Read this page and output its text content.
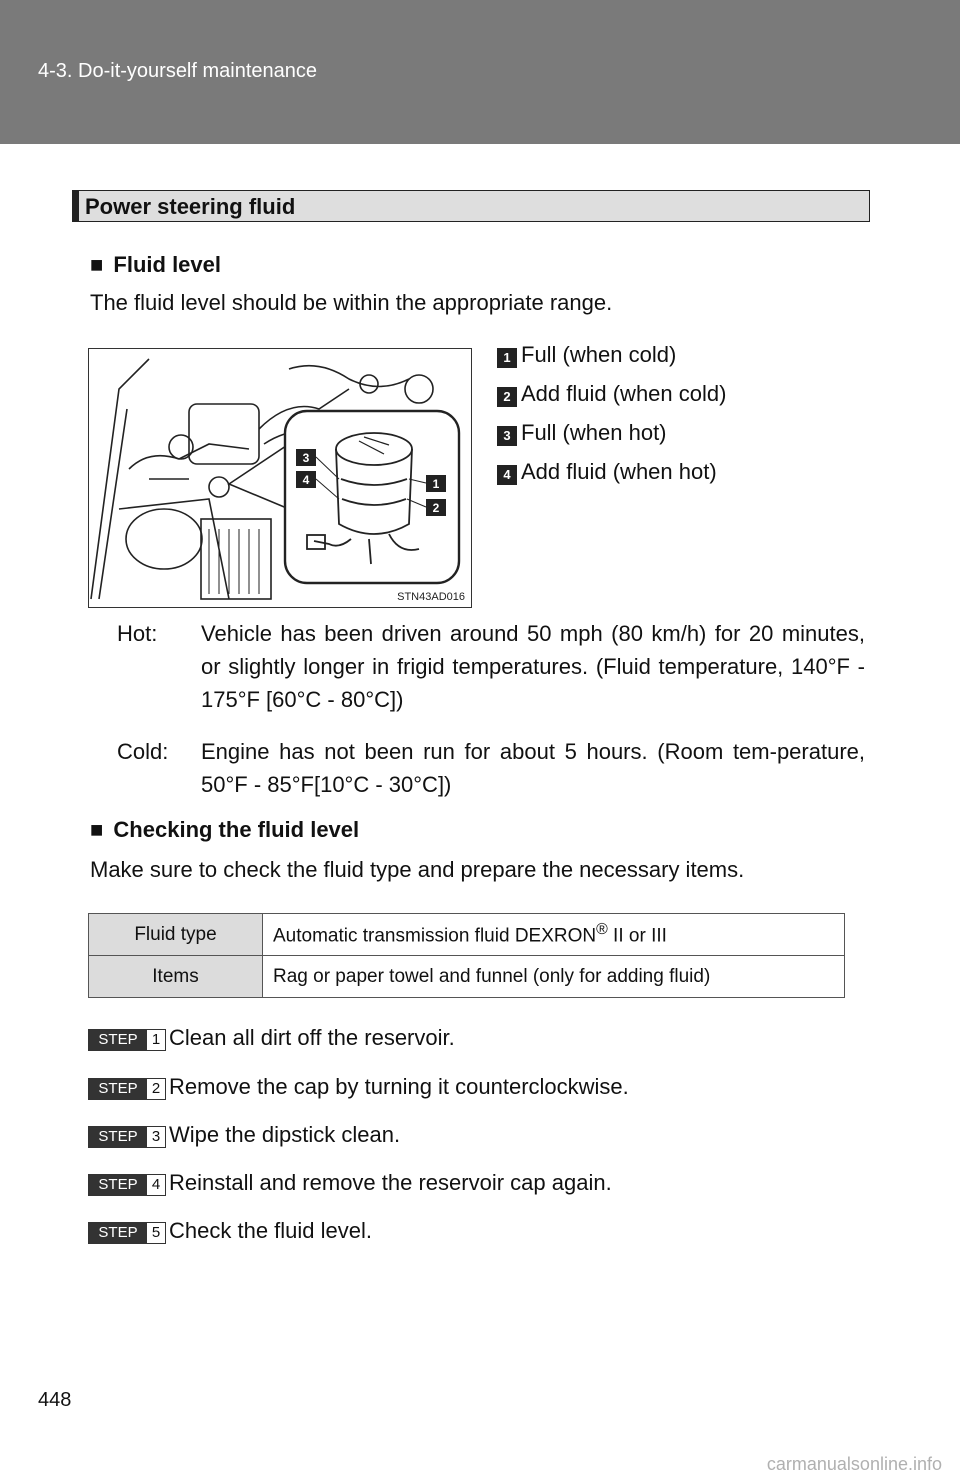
4-3. Do-it-yourself maintenance
Power steering fluid
■ Fluid level
The fluid level should be within the appropriate range.
3
4	1
2
STN43AD016
1 Full (when cold)
2 Add fluid (when cold)
3 Full (when hot)
4 Add fluid (when hot)
Hot: Vehicle has been driven around 50 mph (80 km/h) for 20 minutes, or slightly longer in frigid temperatures. (Fluid temperature, 140°F - 175°F [60°C - 80°C])
Cold: Engine has not been run for about 5 hours. (Room tem-perature, 50°F - 85°F[10°C - 30°C])
■ Checking the fluid level
Make sure to check the fluid type and prepare the necessary items.
Fluid type	Automatic transmission fluid DEXRON® II or III
Items	Rag or paper towel and funnel (only for adding fluid)
STEP 1 Clean all dirt off the reservoir.
STEP 2 Remove the cap by turning it counterclockwise.
STEP 3 Wipe the dipstick clean.
STEP 4 Reinstall and remove the reservoir cap again.
STEP 5 Check the fluid level.
448
carmanualsonline.info
